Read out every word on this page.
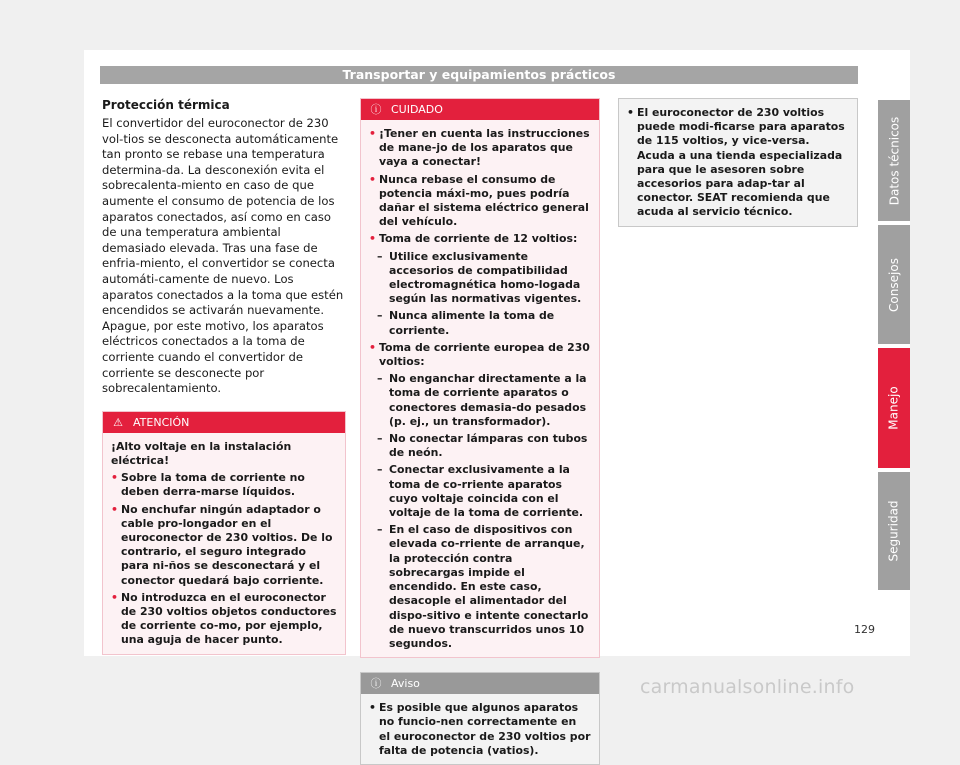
Transportar y equipamientos prácticos
Protección térmica

El convertidor del euroconector de 230 vol-tios se desconecta automáticamente tan pronto se rebase una temperatura determina-da. La desconexión evita el sobrecalenta-miento en caso de que aumente el consumo de potencia de los aparatos conectados, así como en caso de una temperatura ambiental demasiado elevada. Tras una fase de enfria-miento, el convertidor se conecta automáti-camente de nuevo. Los aparatos conectados a la toma que estén encendidos se activarán nuevamente. Apague, por este motivo, los aparatos eléctricos conectados a la toma de corriente cuando el convertidor de corriente se desconecte por sobrecalentamiento.

⚠ ATENCIÓN

¡Alto voltaje en la instalación eléctrica!

• Sobre la toma de corriente no deben derra-marse líquidos.

• No enchufar ningún adaptador o cable pro-longador en el euroconector de 230 voltios. De lo contrario, el seguro integrado para ni-ños se desconectará y el conector quedará bajo corriente.

• No introduzca en el euroconector de 230 voltios objetos conductores de corriente co-mo, por ejemplo, una aguja de hacer punto.

ⓘ CUIDADO

• ¡Tener en cuenta las instrucciones de mane-jo de los aparatos que vaya a conectar!

• Nunca rebase el consumo de potencia máxi-mo, pues podría dañar el sistema eléctrico general del vehículo.

• Toma de corriente de 12 voltios:

– Utilice exclusivamente accesorios de compatibilidad electromagnética homo-logada según las normativas vigentes.

– Nunca alimente la toma de corriente.

• Toma de corriente europea de 230 voltios:

– No enganchar directamente a la toma de corriente aparatos o conectores demasia-do pesados (p. ej., un transformador).

– No conectar lámparas con tubos de neón.

– Conectar exclusivamente a la toma de co-rriente aparatos cuyo voltaje coincida con el voltaje de la toma de corriente.

– En el caso de dispositivos con elevada co-rriente de arranque, la protección contra sobrecargas impide el encendido. En este caso, desacople el alimentador del dispo-sitivo e intente conectarlo de nuevo transcurridos unos 10 segundos.

ⓘ Aviso

• Es posible que algunos aparatos no funcio-nen correctamente en el euroconector de 230 voltios por falta de potencia (vatios).

• El euroconector de 230 voltios puede modi-ficarse para aparatos de 115 voltios, y vice-versa. Acuda a una tienda especializada para que le asesoren sobre accesorios para adap-tar al conector. SEAT recomienda que acuda al servicio técnico.

Datos técnicos
Consejos
Manejo
Seguridad
129
carmanualsonline.info
